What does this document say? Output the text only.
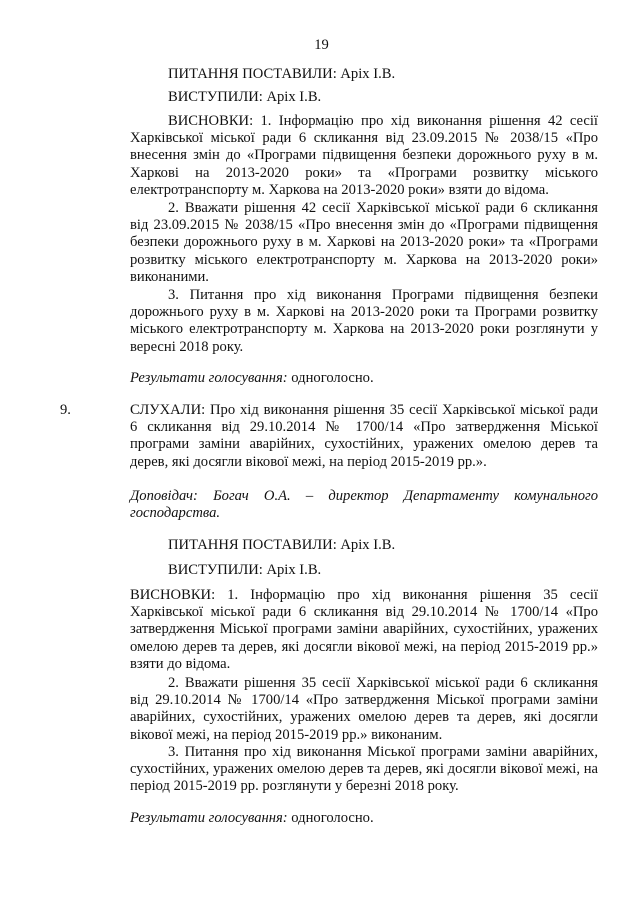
19
ПИТАННЯ ПОСТАВИЛИ: Аріх І.В.
ВИСТУПИЛИ: Аріх І.В.

ВИСНОВКИ: 1. Інформацію про хід виконання рішення 42 сесії Харківської міської ради 6 скликання від 23.09.2015 № 2038/15 «Про внесення змін до «Програми підвищення безпеки дорожнього руху в м. Харкові на 2013-2020 роки» та «Програми розвитку міського електротранспорту м. Харкова на 2013-2020 роки» взяти до відома.

2. Вважати рішення 42 сесії Харківської міської ради 6 скликання від 23.09.2015 № 2038/15 «Про внесення змін до «Програми підвищення безпеки дорожнього руху в м. Харкові на 2013-2020 роки» та «Програми розвитку міського електротранспорту м. Харкова на 2013-2020 роки» виконаними.

3. Питання про хід виконання Програми підвищення безпеки дорожнього руху в м. Харкові на 2013-2020 роки та Програми розвитку міського електротранспорту м. Харкова на 2013-2020 роки розглянути у вересні 2018 року.

Результати голосування: одноголосно.
9.	СЛУХАЛИ: Про хід виконання рішення 35 сесії Харківської міської ради 6 скликання від 29.10.2014 № 1700/14 «Про затвердження Міської програми заміни аварійних, сухостійних, уражених омелою дерев та дерев, які досягли вікової межі, на період 2015-2019 рр.».

Доповідач: Богач О.А. – директор Департаменту комунального господарства.

ПИТАННЯ ПОСТАВИЛИ: Аріх І.В.
ВИСТУПИЛИ: Аріх І.В.

ВИСНОВКИ: 1. Інформацію про хід виконання рішення 35 сесії Харківської міської ради 6 скликання від 29.10.2014 № 1700/14 «Про затвердження Міської програми заміни аварійних, сухостійних, уражених омелою дерев та дерев, які досягли вікової межі, на період 2015-2019 рр.» взяти до відома.

2. Вважати рішення 35 сесії Харківської міської ради 6 скликання від 29.10.2014 № 1700/14 «Про затвердження Міської програми заміни аварійних, сухостійних, уражених омелою дерев та дерев, які досягли вікової межі, на період 2015-2019 рр.» виконаним.

3. Питання про хід виконання Міської програми заміни аварійних, сухостійних, уражених омелою дерев та дерев, які досягли вікової межі, на період 2015-2019 рр. розглянути у березні 2018 року.

Результати голосування: одноголосно.
